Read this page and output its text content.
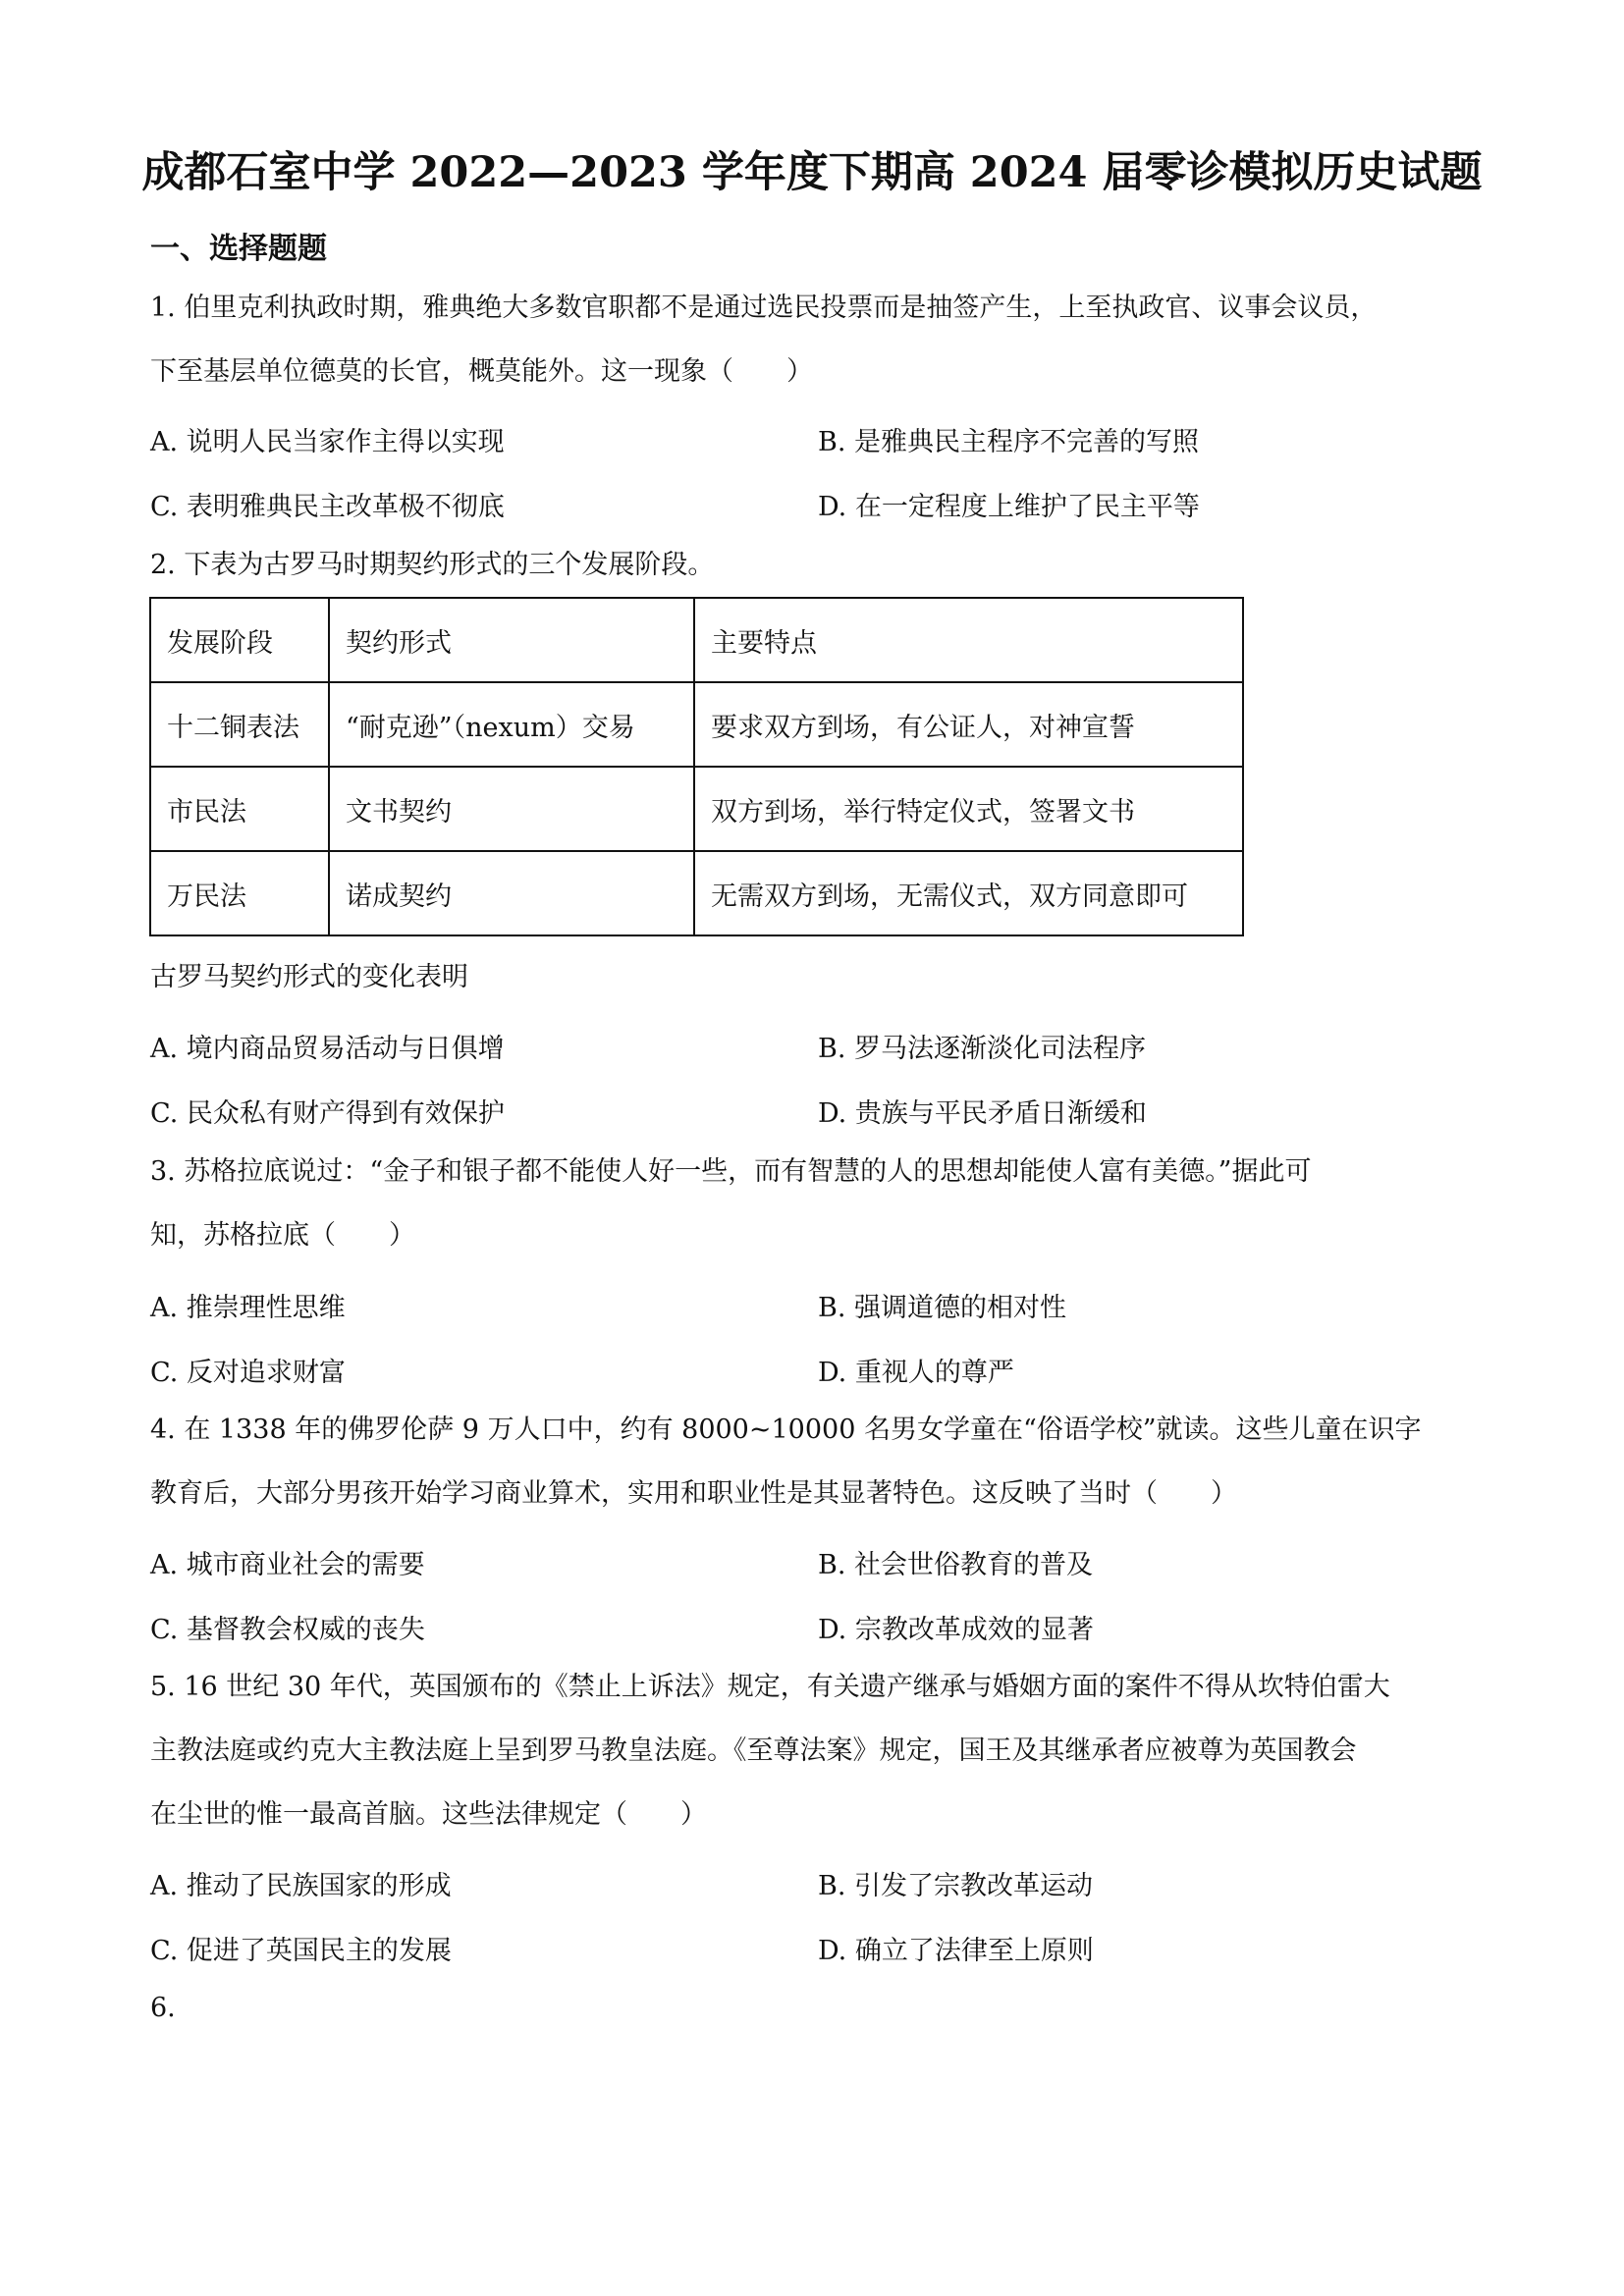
成都石室中学 2022—2023 学年度下期高 2024 届零诊模拟历史试题
一、选择题题
1. 伯里克利执政时期，雅典绝大多数官职都不是通过选民投票而是抽签产生，上至执政官、议事会议员，
下至基层单位德莫的长官，概莫能外。这一现象（　　）
A. 说明人民当家作主得以实现	B. 是雅典民主程序不完善的写照
C. 表明雅典民主改革极不彻底	D. 在一定程度上维护了民主平等
2. 下表为古罗马时期契约形式的三个发展阶段。
发展阶段	契约形式	主要特点
十二铜表法	“耐克逊”（nexum）交易	要求双方到场，有公证人，对神宣誓
市民法	文书契约	双方到场，举行特定仪式，签署文书
万民法	诺成契约	无需双方到场，无需仪式，双方同意即可
古罗马契约形式的变化表明
A. 境内商品贸易活动与日俱增	B. 罗马法逐渐淡化司法程序
C. 民众私有财产得到有效保护	D. 贵族与平民矛盾日渐缓和
3. 苏格拉底说过：“金子和银子都不能使人好一些，而有智慧的人的思想却能使人富有美德。”据此可
知，苏格拉底（　　）
A. 推崇理性思维	B. 强调道德的相对性
C. 反对追求财富	D. 重视人的尊严
4. 在 1338 年的佛罗伦萨 9 万人口中，约有 8000~10000 名男女学童在“俗语学校”就读。这些儿童在识字
教育后，大部分男孩开始学习商业算术，实用和职业性是其显著特色。这反映了当时（　　）
A. 城市商业社会的需要	B. 社会世俗教育的普及
C. 基督教会权威的丧失	D. 宗教改革成效的显著
5. 16 世纪 30 年代，英国颁布的《禁止上诉法》规定，有关遗产继承与婚姻方面的案件不得从坎特伯雷大
主教法庭或约克大主教法庭上呈到罗马教皇法庭。《至尊法案》规定，国王及其继承者应被尊为英国教会
在尘世的惟一最高首脑。这些法律规定（　　）
A. 推动了民族国家的形成	B. 引发了宗教改革运动
C. 促进了英国民主的发展	D. 确立了法律至上原则
6.
